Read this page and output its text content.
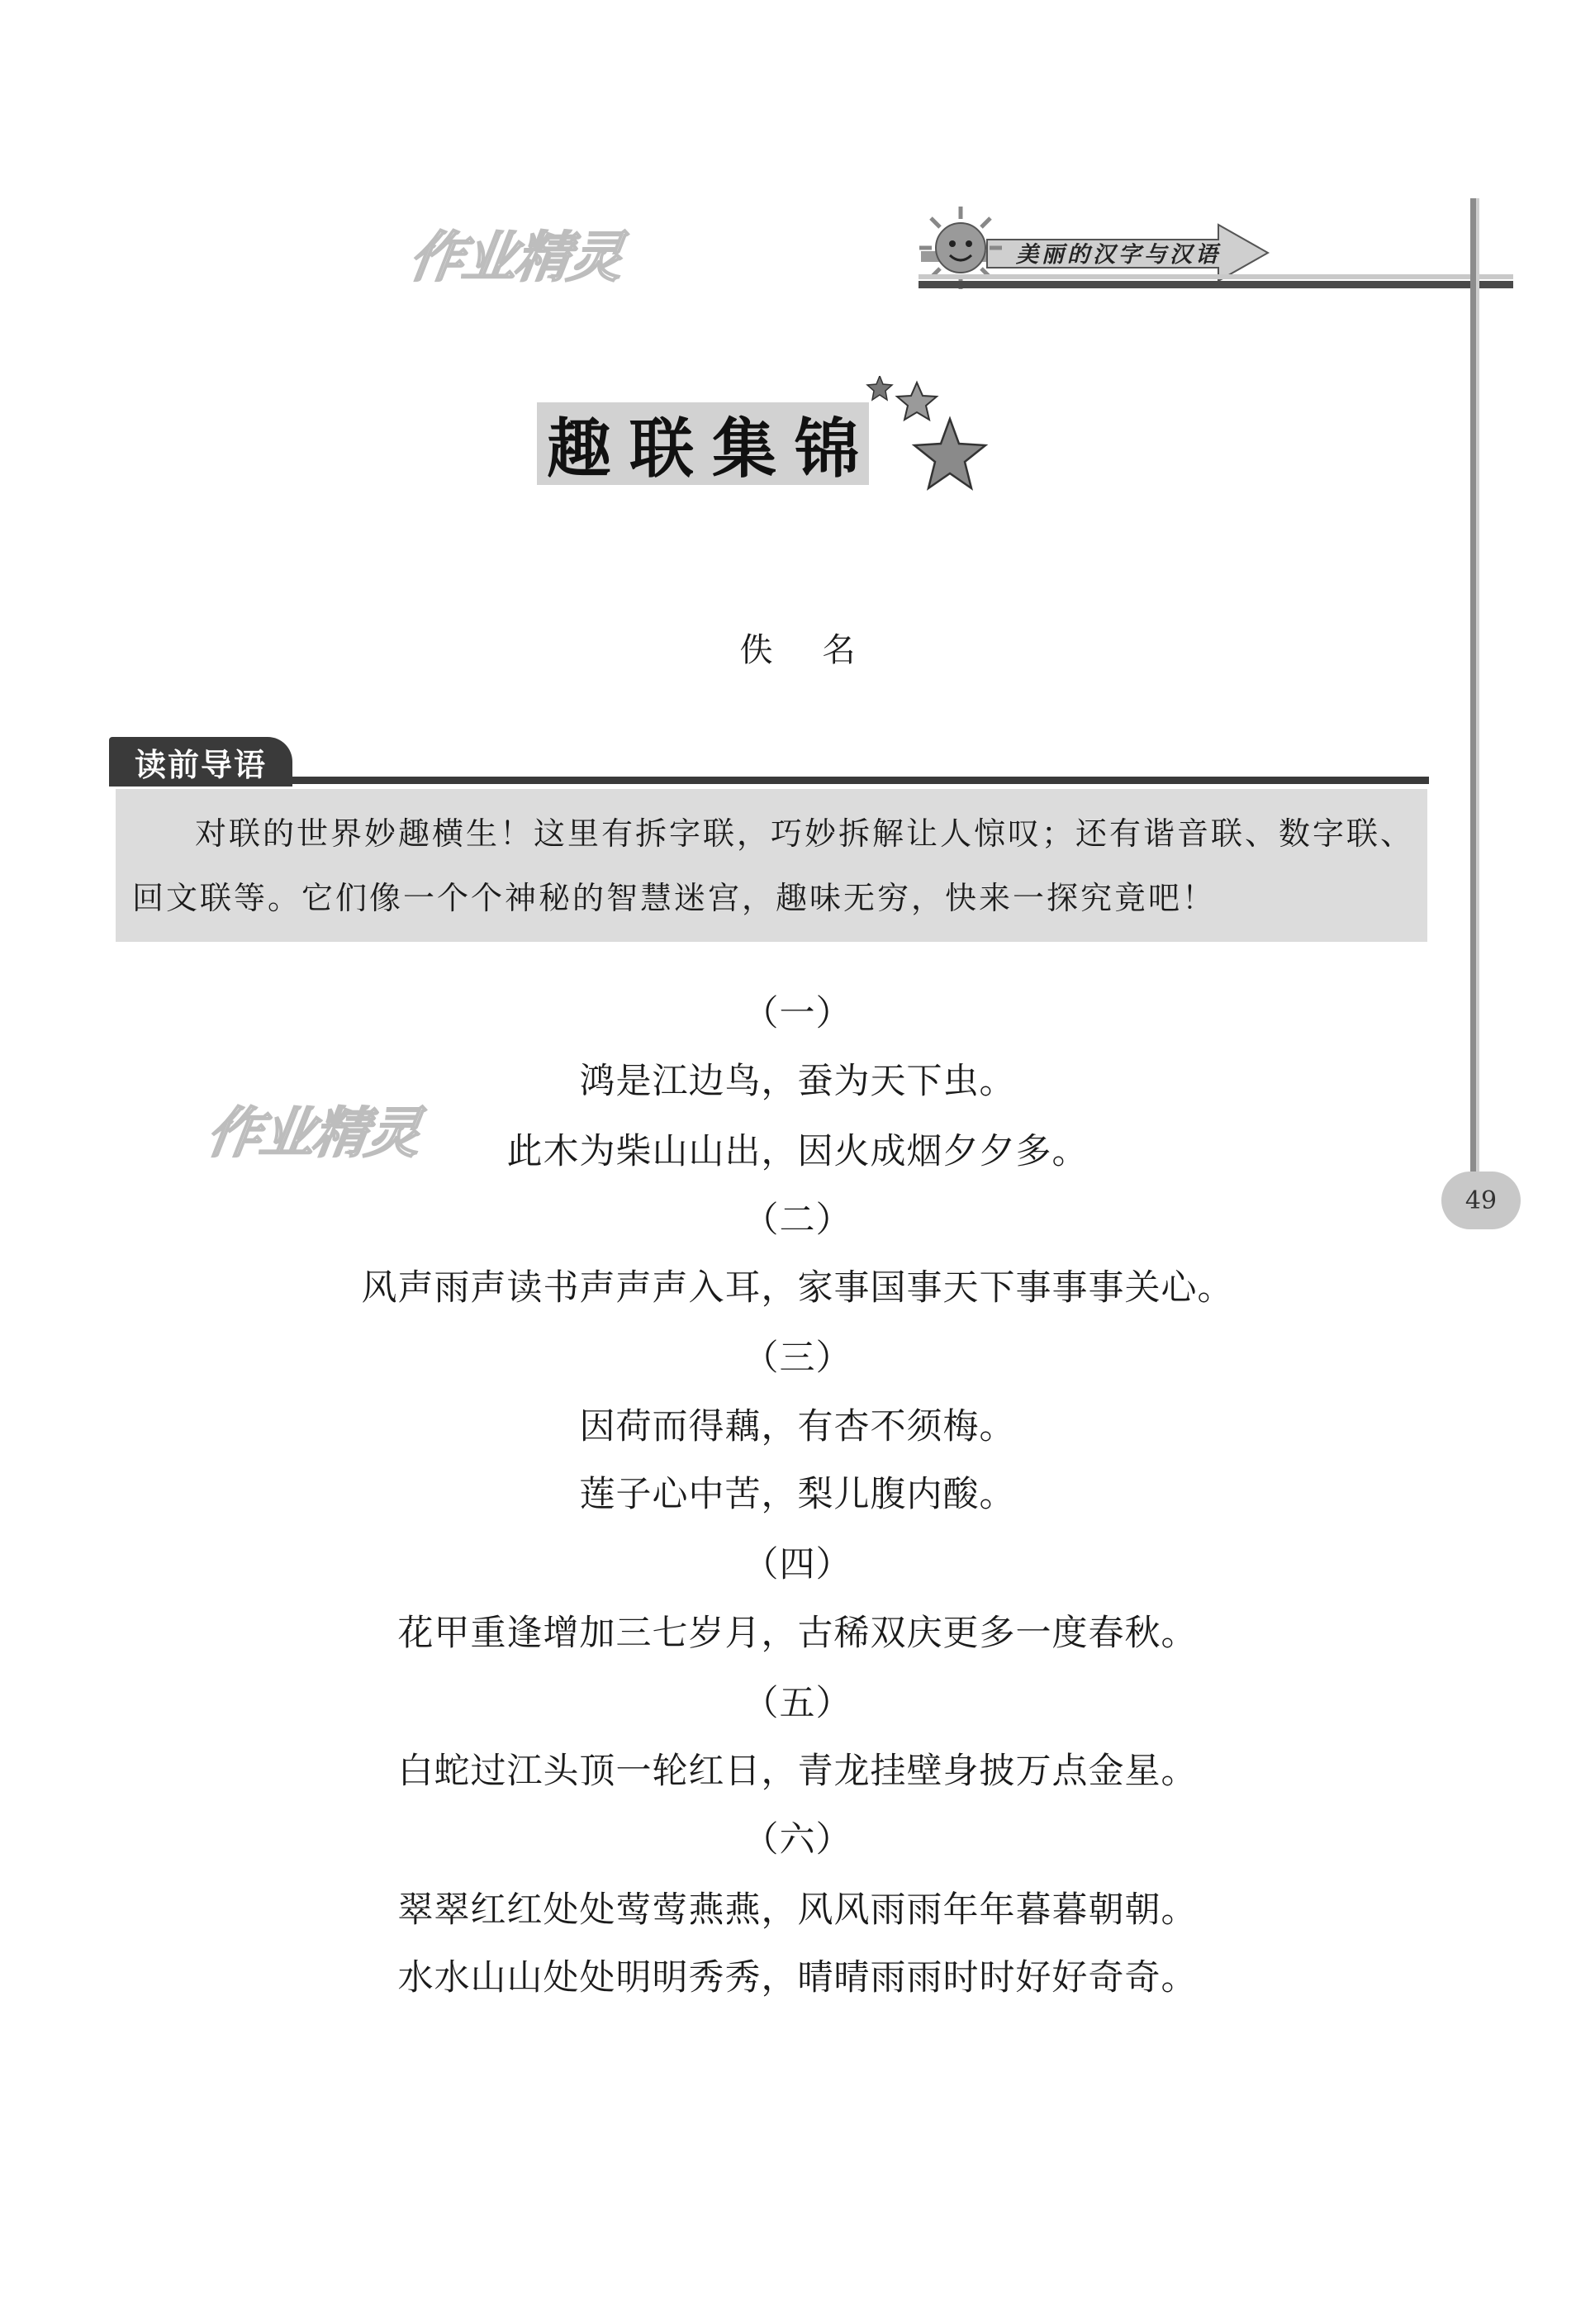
作业精灵
作业精灵
美丽的汉字与汉语
49
趣联集锦
佚名
读前导语
对联的世界妙趣横生！这里有拆字联，巧妙拆解让人惊叹；还有谐音联、数字联、回文联等。它们像一个个神秘的智慧迷宫，趣味无穷，快来一探究竟吧！
（一）
鸿是江边鸟，蚕为天下虫。
此木为柴山山出，因火成烟夕夕多。
（二）
风声雨声读书声声声入耳，家事国事天下事事事关心。
（三）
因荷而得藕，有杏不须梅。
莲子心中苦，梨儿腹内酸。
（四）
花甲重逢增加三七岁月，古稀双庆更多一度春秋。
（五）
白蛇过江头顶一轮红日，青龙挂壁身披万点金星。
（六）
翠翠红红处处莺莺燕燕，风风雨雨年年暮暮朝朝。
水水山山处处明明秀秀，晴晴雨雨时时好好奇奇。
